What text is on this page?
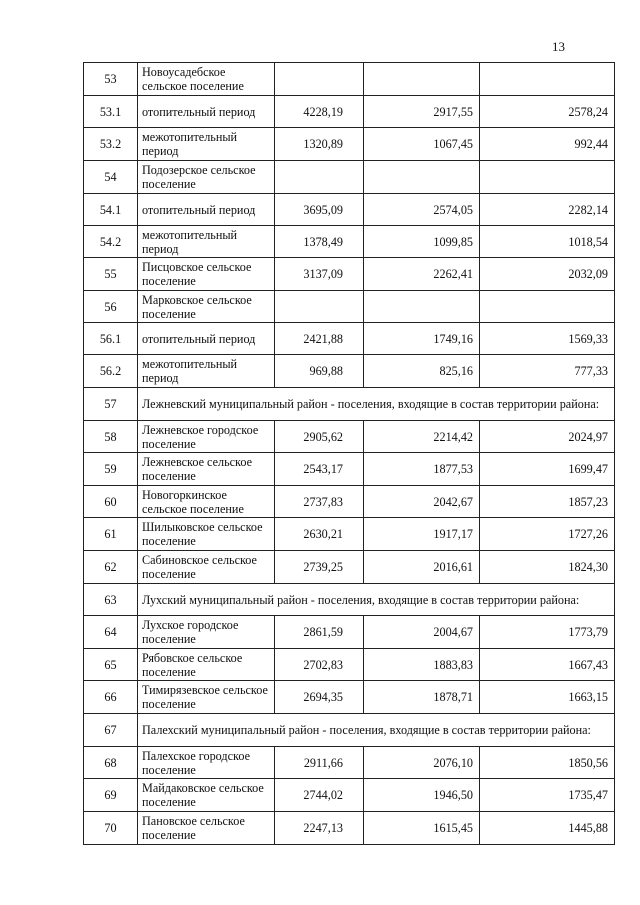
13
53	Новоусадебское сельское поселение			
53.1	отопительный период	4228,19	2917,55	2578,24
53.2	межотопительный период	1320,89	1067,45	992,44
54	Подозерское сельское поселение			
54.1	отопительный период	3695,09	2574,05	2282,14
54.2	межотопительный период	1378,49	1099,85	1018,54
55	Писцовское сельское поселение	3137,09	2262,41	2032,09
56	Марковское сельское поселение			
56.1	отопительный период	2421,88	1749,16	1569,33
56.2	межотопительный период	969,88	825,16	777,33
57	Лежневский муниципальный район - поселения, входящие в состав территории района:			
58	Лежневское городское поселение	2905,62	2214,42	2024,97
59	Лежневское сельское поселение	2543,17	1877,53	1699,47
60	Новогоркинское сельское поселение	2737,83	2042,67	1857,23
61	Шилыковское сельское поселение	2630,21	1917,17	1727,26
62	Сабиновское сельское поселение	2739,25	2016,61	1824,30
63	Лухский муниципальный район - поселения, входящие в состав территории района:			
64	Лухское городское поселение	2861,59	2004,67	1773,79
65	Рябовское сельское поселение	2702,83	1883,83	1667,43
66	Тимирязевское сельское поселение	2694,35	1878,71	1663,15
67	Палехский муниципальный район - поселения, входящие в состав территории района:			
68	Палехское городское поселение	2911,66	2076,10	1850,56
69	Майдаковское сельское поселение	2744,02	1946,50	1735,47
70	Пановское сельское поселение	2247,13	1615,45	1445,88
